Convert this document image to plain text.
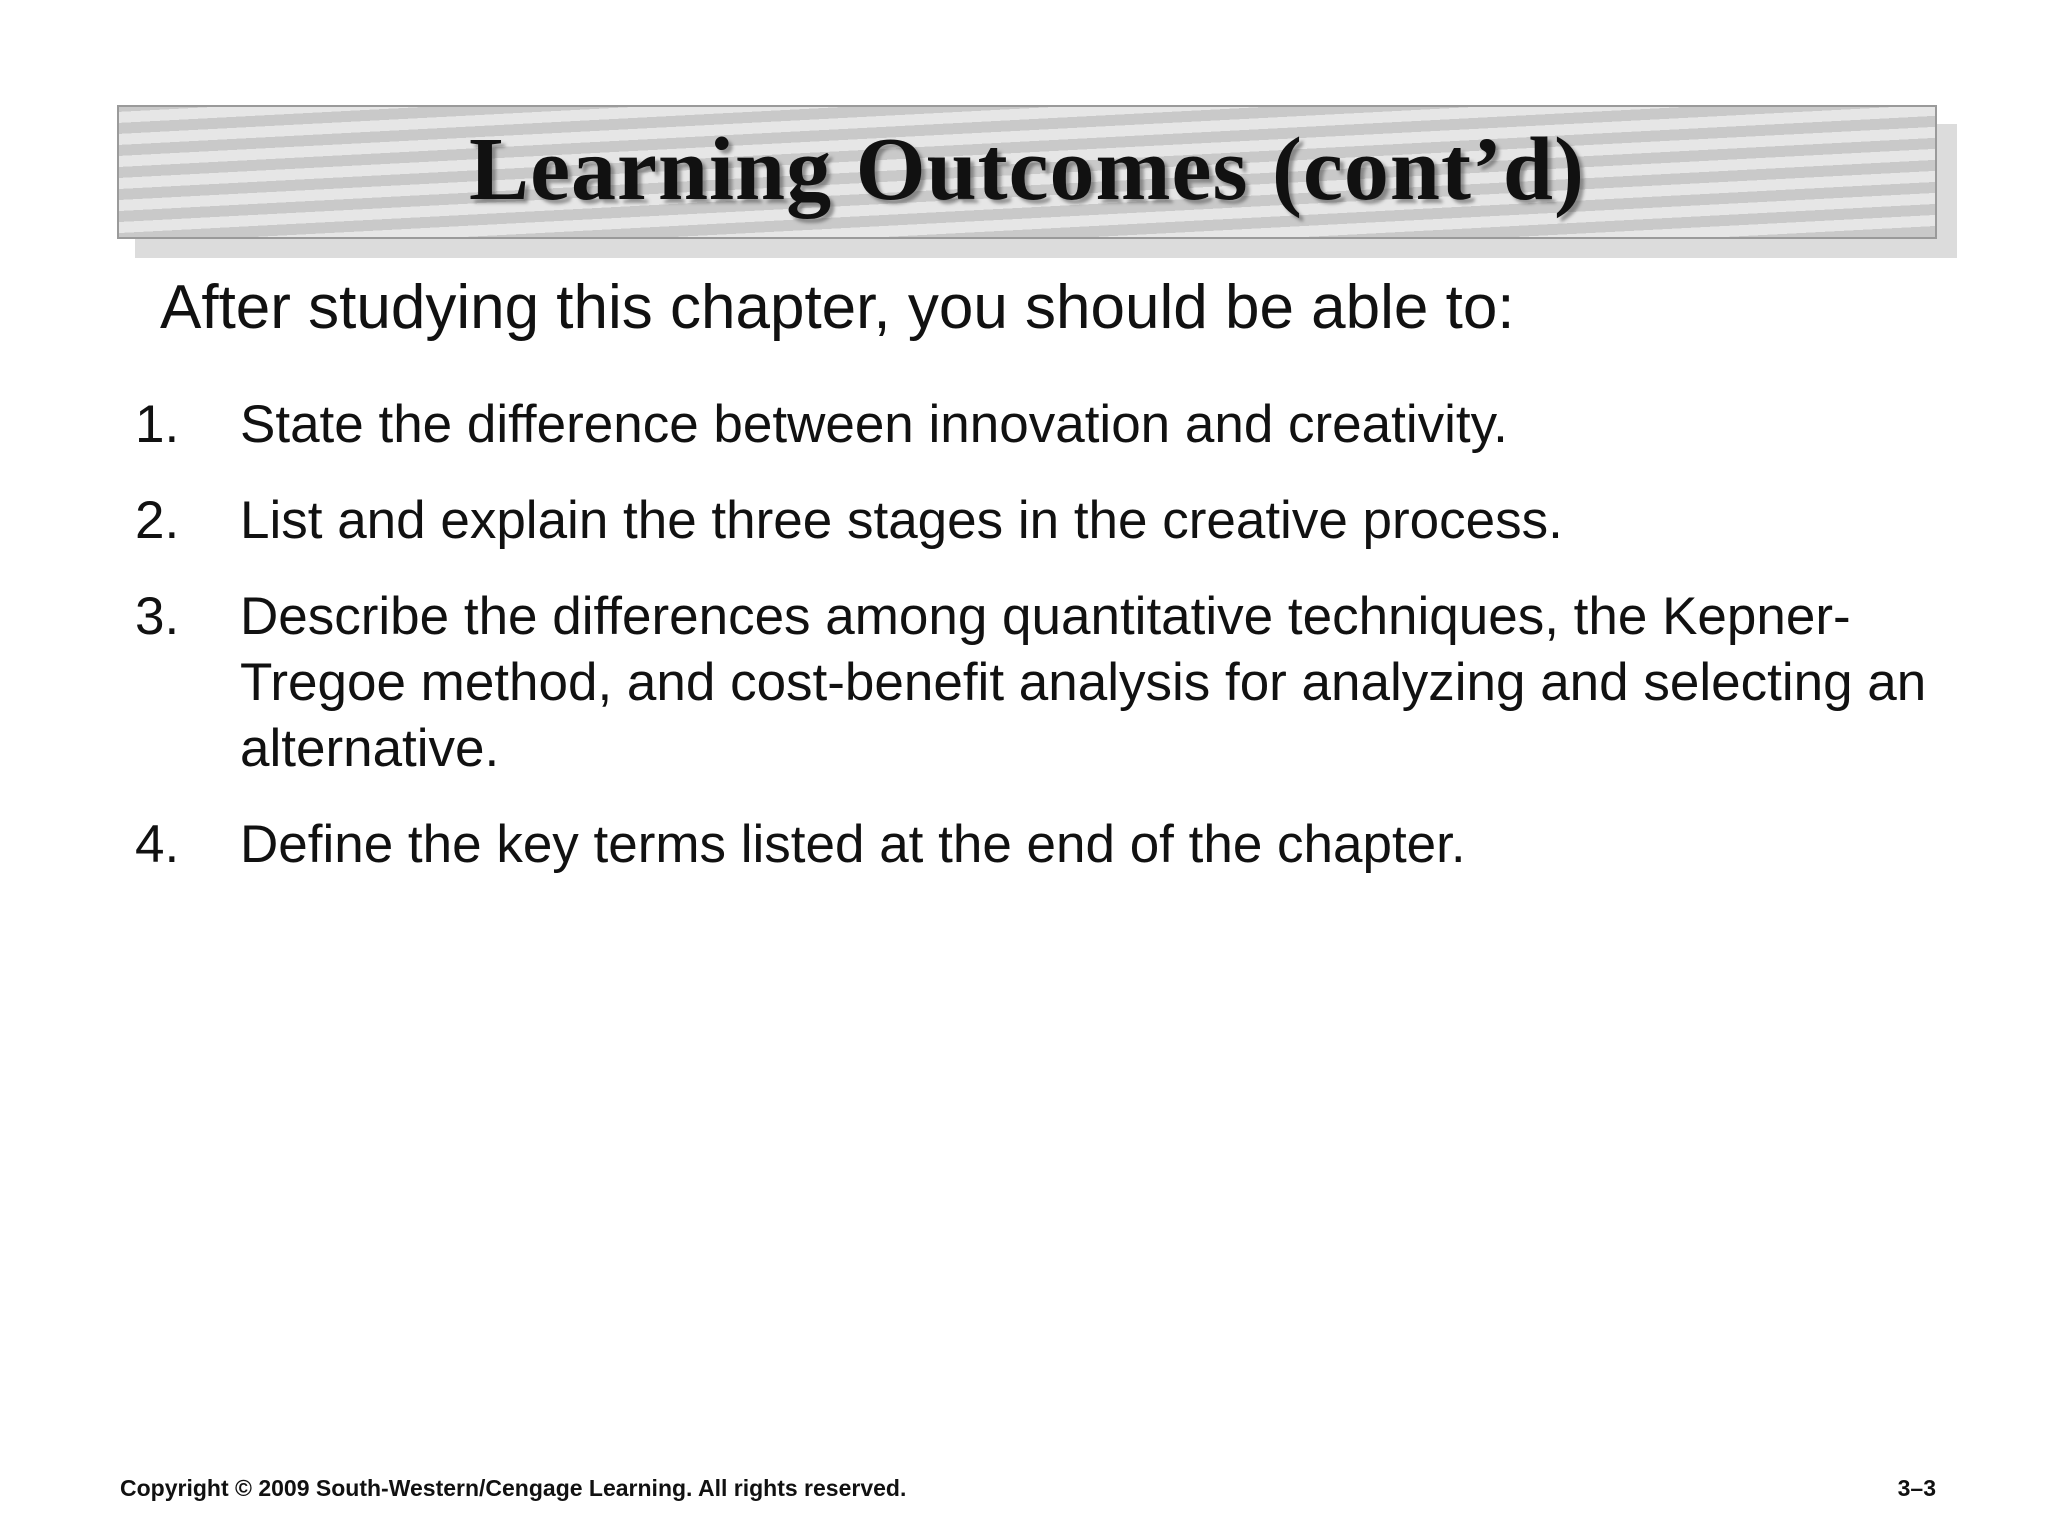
Learning Outcomes (cont’d)
After studying this chapter, you should be able to:
1. State the difference between innovation and creativity.
2. List and explain the three stages in the creative process.
3. Describe the differences among quantitative techniques, the Kepner-Tregoe method, and cost-benefit analysis for analyzing and selecting an alternative.
4. Define the key terms listed at the end of the chapter.
Copyright © 2009 South-Western/Cengage Learning. All rights reserved.	3–3
